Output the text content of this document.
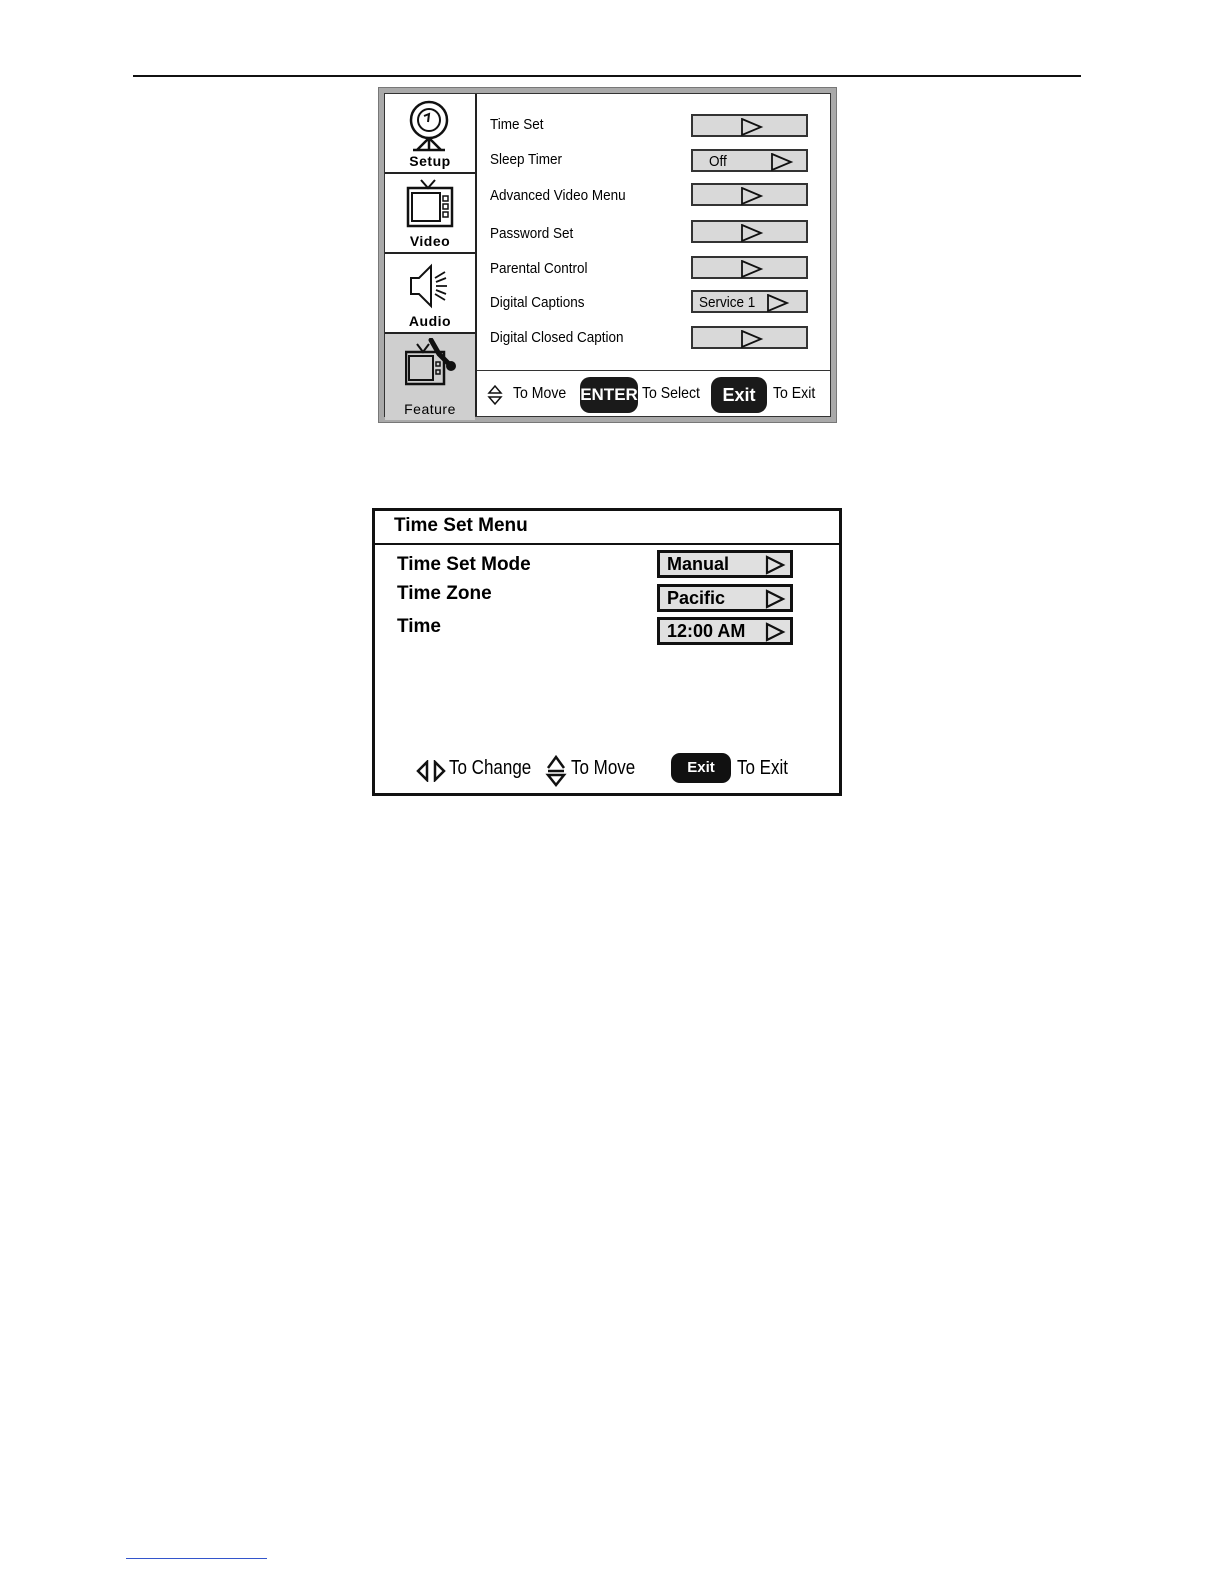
Setup
Video
Audio
Feature
Time Set
Sleep Timer	Off
Advanced Video Menu
Password Set
Parental Control
Digital Captions	Service 1
Digital Closed Caption
To Move ENTER To Select	Exit	To Exit
Time Set Menu
Time Set Mode	Manual
Time Zone	Pacific
Time	12:00 AM
To Change To Move	Exit	To Exit
